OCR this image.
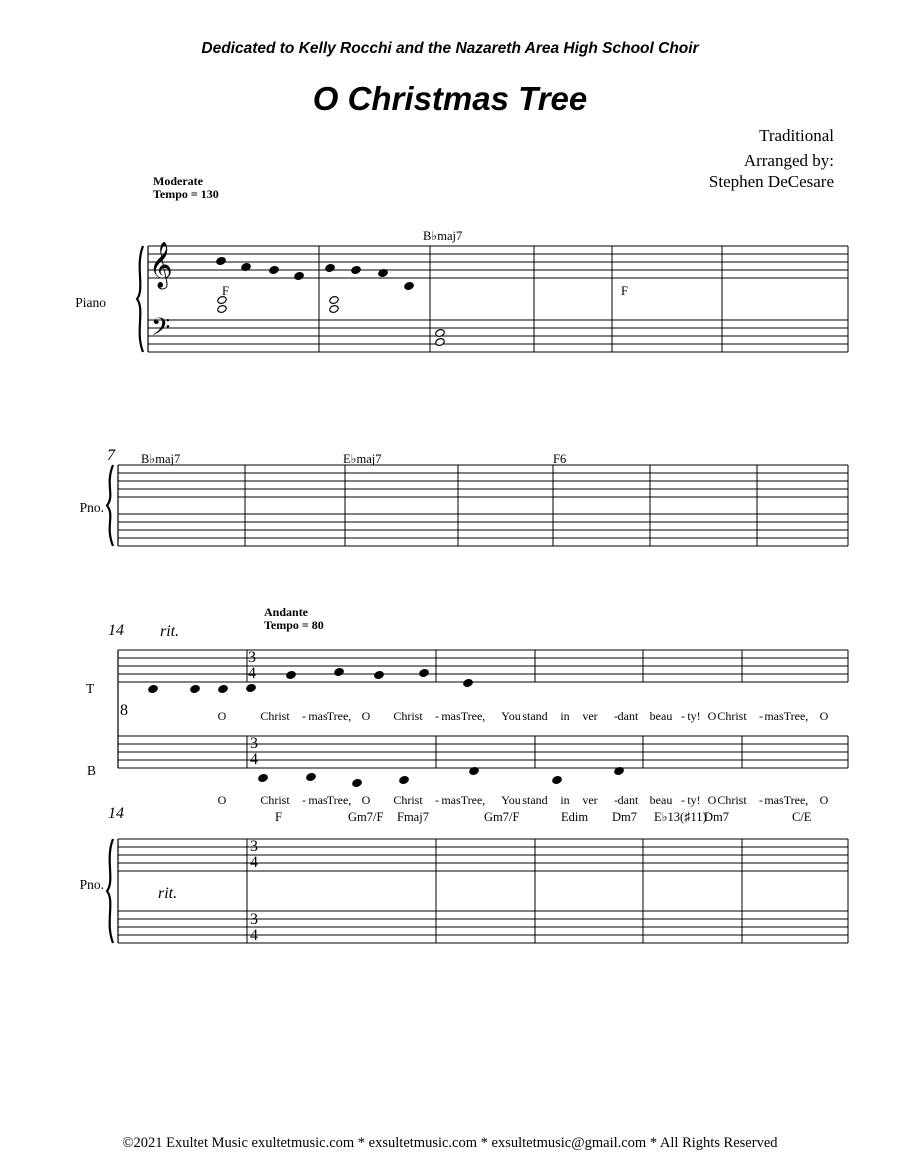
Dedicated to Kelly Rocchi and the Nazareth Area High School Choir
O Christmas Tree
Traditional
Arranged by:
Stephen DeCesare
Moderate
Tempo = 130
Andante
Tempo = 80
𝄞
𝄢
Piano
Pno.
T
B
Pno.
7
14
14
rit.
rit.
3
4
3
4
3
4
3
4
8
F
B♭maj7
F
B♭maj7	E♭maj7	F6
F	Gm7/F Fmaj7	Gm7/F	Edim Dm7 E♭13(♯11)
Dm7	C/E
O
O
Christ
Christ
-
-
mas
mas
Tree,
Tree,
O
O
Christ
Christ
-
-
mas
mas
Tree,
Tree,
You
You
stand
stand
in
in
ver
ver
-
-
dant
dant
beau
beau
-
-
ty!
ty!
O
O
Christ
Christ
-
-
mas
mas
Tree,
Tree,
O
O
©2021 Exultet Music exultetmusic.com * exsultetmusic.com * exsultetmusic@gmail.com * All Rights Reserved
